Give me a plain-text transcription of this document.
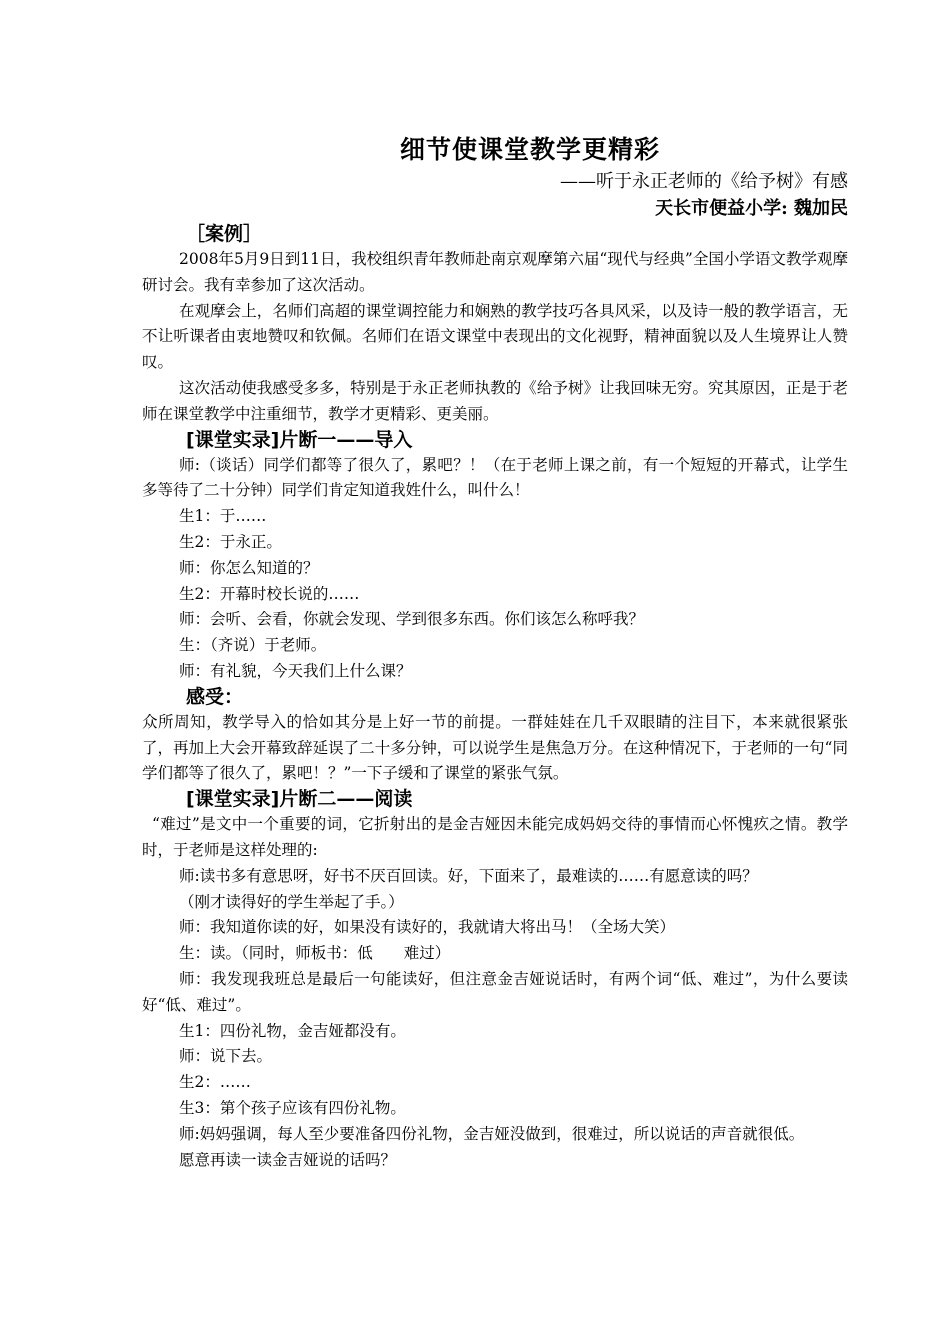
细节使课堂教学更精彩
——听于永正老师的《给予树》有感
天长市便益小学: 魏加民
［案例］

2008年5月9日到11日，我校组织青年教师赴南京观摩第六届“现代与经典”全国小学语文教学观摩研讨会。我有幸参加了这次活动。

在观摩会上，名师们高超的课堂调控能力和娴熟的教学技巧各具风采，以及诗一般的教学语言，无不让听课者由衷地赞叹和钦佩。名师们在语文课堂中表现出的文化视野，精神面貌以及人生境界让人赞叹。

这次活动使我感受多多，特别是于永正老师执教的《给予树》让我回味无穷。究其原因，正是于老师在课堂教学中注重细节，教学才更精彩、更美丽。

[课堂实录]片断一——导入

师:（谈话）同学们都等了很久了，累吧？！（在于老师上课之前，有一个短短的开幕式，让学生多等待了二十分钟）同学们肯定知道我姓什么，叫什么！

生1：于……

生2：于永正。

师：你怎么知道的？

生2：开幕时校长说的……

师：会听、会看，你就会发现、学到很多东西。你们该怎么称呼我？

生：（齐说）于老师。

师：有礼貌，今天我们上什么课？

感受：

众所周知，教学导入的恰如其分是上好一节的前提。一群娃娃在几千双眼睛的注目下，本来就很紧张了，再加上大会开幕致辞延误了二十多分钟，可以说学生是焦急万分。在这种情况下，于老师的一句“同学们都等了很久了，累吧！？”一下子缓和了课堂的紧张气氛。

[课堂实录]片断二——阅读

“难过”是文中一个重要的词，它折射出的是金吉娅因未能完成妈妈交待的事情而心怀愧疚之情。教学时，于老师是这样处理的:

师:读书多有意思呀，好书不厌百回读。好，下面来了，最难读的……有愿意读的吗？

（刚才读得好的学生举起了手。）

师：我知道你读的好，如果没有读好的，我就请大将出马！（全场大笑）

生：读。（同时，师板书：低　　难过）

师：我发现我班总是最后一句能读好，但注意金吉娅说话时，有两个词“低、难过”，为什么要读好“低、难过”。

生1：四份礼物，金吉娅都没有。

师：说下去。

生2：……

生3：第个孩子应该有四份礼物。

师:妈妈强调，每人至少要准备四份礼物，金吉娅没做到，很难过，所以说话的声音就很低。

愿意再读一读金吉娅说的话吗？
